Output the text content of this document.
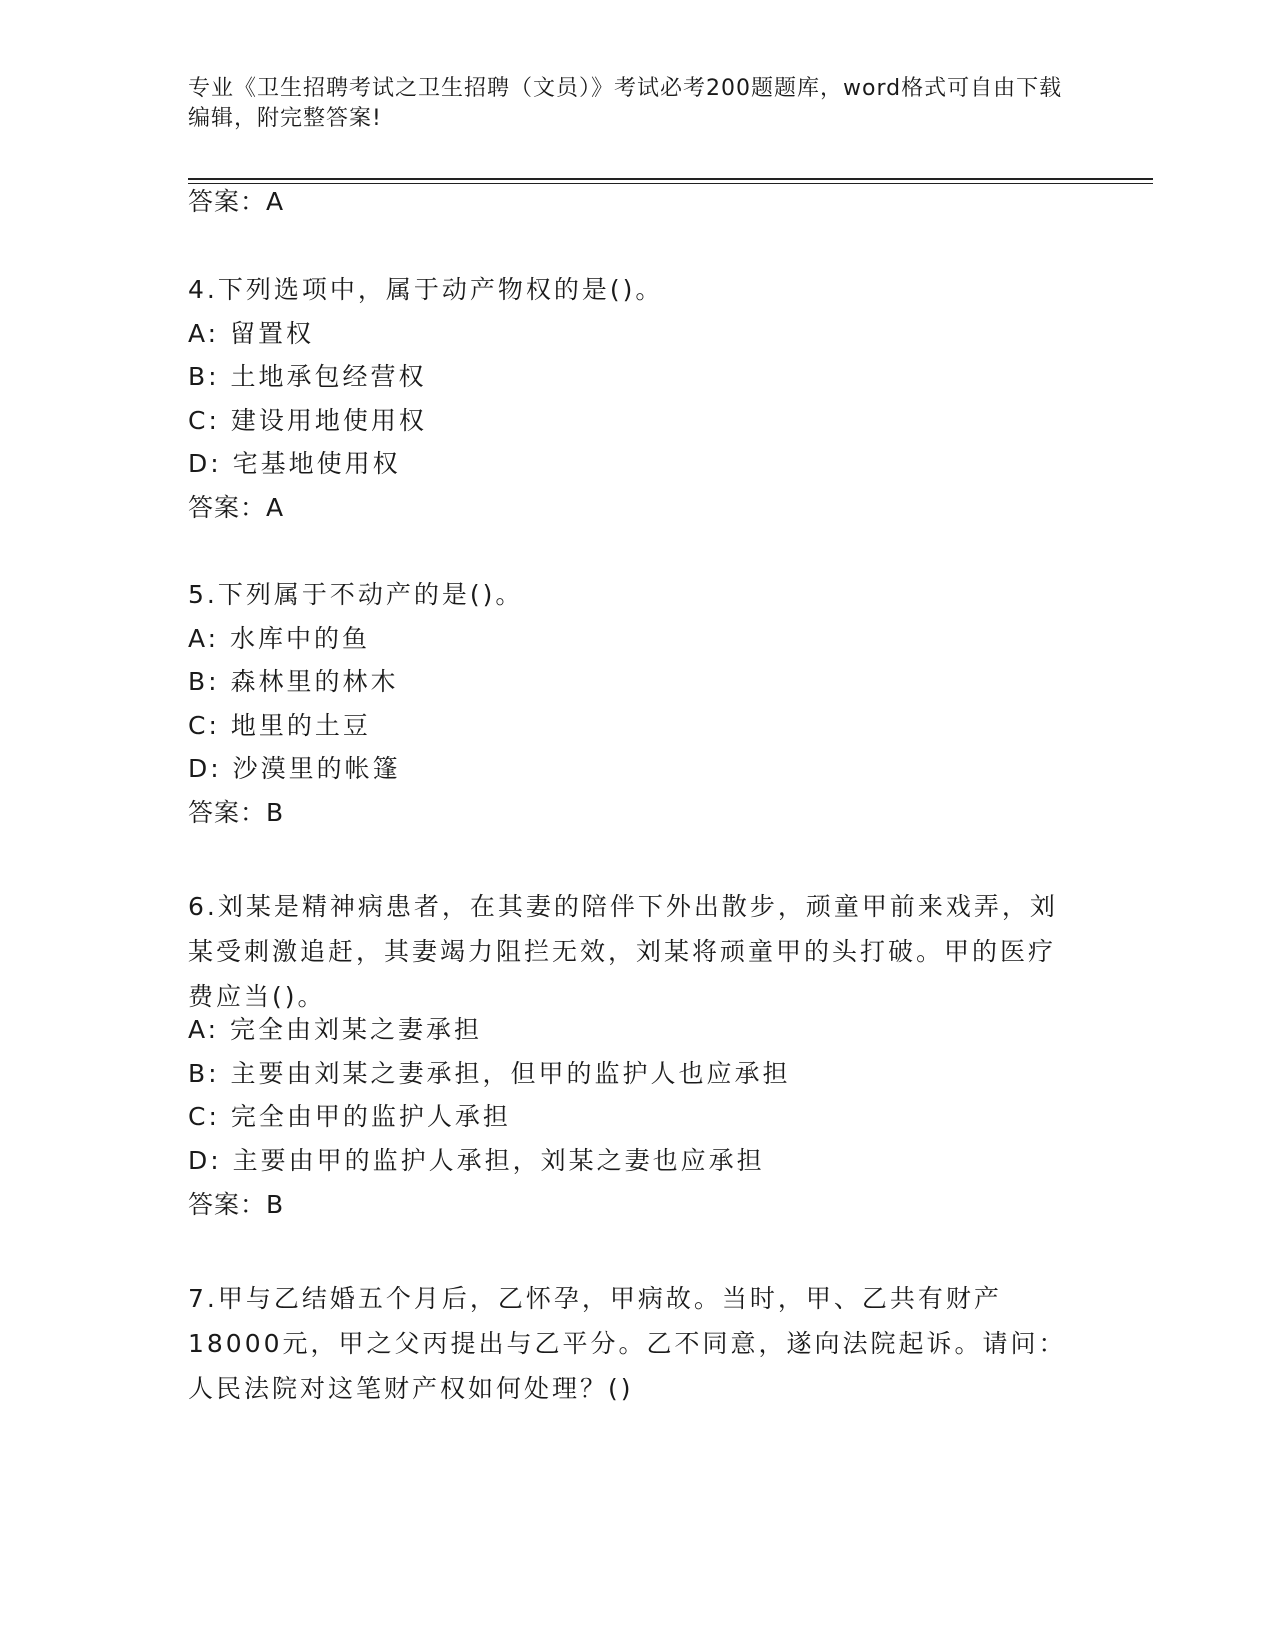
专业《卫生招聘考试之卫生招聘（文员）》考试必考200题题库，word格式可自由下载编辑，附完整答案!
答案：A
4.下列选项中，属于动产物权的是()。
A: 留置权
B: 土地承包经营权
C: 建设用地使用权
D: 宅基地使用权
答案：A
5.下列属于不动产的是()。
A: 水库中的鱼
B: 森林里的林木
C: 地里的土豆
D: 沙漠里的帐篷
答案：B
6.刘某是精神病患者，在其妻的陪伴下外出散步，顽童甲前来戏弄，刘某受刺激追赶，其妻竭力阻拦无效，刘某将顽童甲的头打破。甲的医疗费应当()。
A: 完全由刘某之妻承担
B: 主要由刘某之妻承担，但甲的监护人也应承担
C: 完全由甲的监护人承担
D: 主要由甲的监护人承担，刘某之妻也应承担
答案：B
7.甲与乙结婚五个月后，乙怀孕，甲病故。当时，甲、乙共有财产18000元，甲之父丙提出与乙平分。乙不同意，遂向法院起诉。请问：人民法院对这笔财产权如何处理？()
